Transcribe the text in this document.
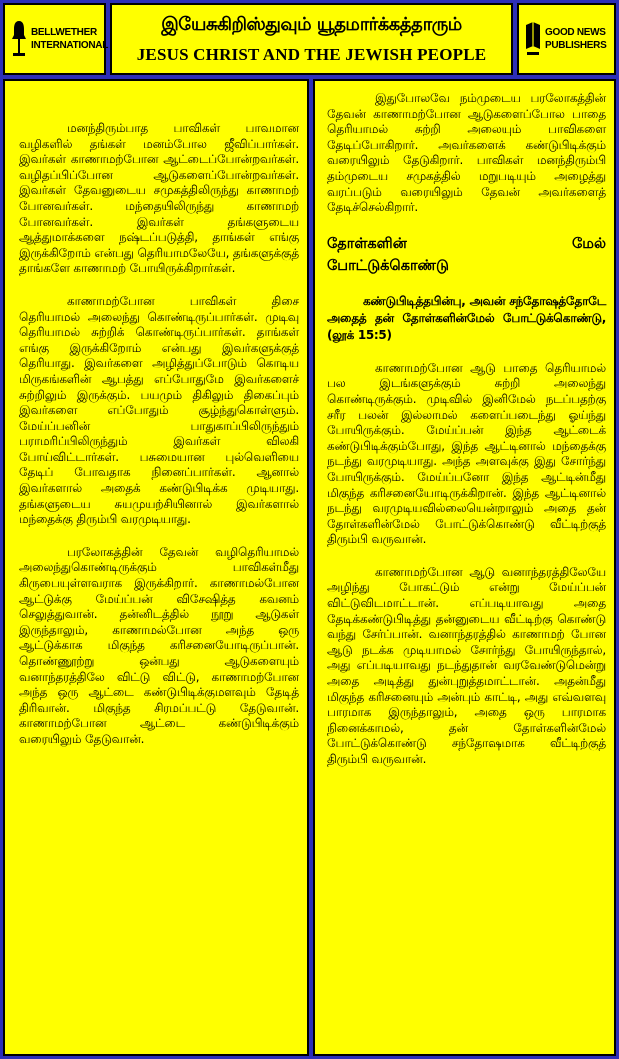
BELLWETHER
INTERNATIONAL
இயேசுகிறிஸ்துவும் யூதமார்க்கத்தாரும்
JESUS CHRIST AND THE JEWISH PEOPLE
GOOD NEWS
PUBLISHERS

மனந்திரும்பாத பாவிகள் பாவமான வழிகளில் தங்கள் மனம்போல ஜீவிப்பார்கள். இவர்கள் காணாமற்போன ஆட்டைப்போன்றவர்கள். வழிதப்பிப்போன ஆடுகளைப்போன்றவர்கள். இவர்கள் தேவனுடைய சமுகத்திலிருந்து காணாமற் போனவர்கள். மந்தையிலிருந்து காணாமற் போனவர்கள். இவர்கள் தங்களுடைய ஆத்துமாக்களை நஷ்டப்படுத்தி, தாங்கள் எங்கு இருக்கிறோம் என்பது தெரியாமலேயே, தங்களுக்குத் தாங்களே காணாமற் போயிருக்கிறார்கள்.

காணாமற்போன பாவிகள் திசை தெரியாமல் அலைந்து கொண்டிருப்பார்கள். முடிவு தெரியாமல் சுற்றிக் கொண்டிருப்பார்கள். தாங்கள் எங்கு இருக்கிறோம் என்பது இவர்களுக்குத் தெரியாது. இவர்களை அழித்துப்போடும் கொடிய மிருகங்களின் ஆபத்து எப்போதுமே இவர்களைச் சுற்றிலும் இருக்கும். பயமும் திகிலும் திகைப்பும் இவர்களை எப்போதும் சூழ்ந்துகொள்ளும். மேய்ப்பனின் பாதுகாப்பிலிருந்தும் பராமரிப்பிலிருந்தும் இவர்கள் விலகி போய்விட்டார்கள். பசுமையான புல்வெளியை தேடிப் போவதாக நினைப்பார்கள். ஆனால் இவர்களால் அதைக் கண்டுபிடிக்க முடியாது. தங்களுடைய சுயமுயற்சியினால் இவர்களால் மந்தைக்கு திரும்பி வரமுடியாது.

பரலோகத்தின் தேவன் வழிதெரியாமல் அலைந்துகொண்டிருக்கும் பாவிகள்மீது கிருபையுள்ளவராக இருக்கிறார். காணாமல்போன ஆட்டுக்கு மேய்ப்பன் விசேஷித்த கவனம் செலுத்துவான். தன்னிடத்தில் நூறு ஆடுகள் இருந்தாலும், காணாமல்போன அந்த ஒரு ஆட்டுக்காக மிகுந்த கரிசனையோடிருப்பான். தொண்ணூற்று ஒன்பது ஆடுகளையும் வனாந்தரத்திலே விட்டு விட்டு, காணாமற்போன அந்த ஒரு ஆட்டை கண்டுபிடிக்குமளவும் தேடித் திரிவான். மிகுந்த சிரமப்பட்டு தேடுவான். காணாமற்போன ஆட்டை கண்டுபிடிக்கும் வரையிலும் தேடுவான்.

இதுபோலவே நம்முடைய பரலோகத்தின் தேவன் காணாமற்போன ஆடுகளைப்போல பாதை தெரியாமல் சுற்றி அலையும் பாவிகளை தேடிப்போகிறார். அவர்களைக் கண்டுபிடிக்கும் வரையிலும் தேடுகிறார். பாவிகள் மனந்திரும்பி தம்முடைய சமுகத்தில் மறுபடியும் அழைத்து வரப்படும் வரையிலும் தேவன் அவர்களைத் தேடிச்செல்கிறார்.

தோள்களின்	மேல்
போட்டுக்கொண்டு

கண்டுபிடித்தபின்பு, அவன் சந்தோஷத்தோடே அதைத் தன் தோள்களின்மேல் போட்டுக்கொண்டு, (லூக் 15:5)

காணாமற்போன ஆடு பாதை தெரியாமல் பல இடங்களுக்கும் சுற்றி அலைந்து கொண்டிருக்கும். முடிவில் இனிமேல் நடப்பதற்கு சரீர பலன் இல்லாமல் களைப்படைந்து ஓய்ந்து போயிருக்கும். மேய்ப்பன் இந்த ஆட்டைக் கண்டுபிடிக்கும்போது, இந்த ஆட்டினால் மந்தைக்கு நடந்து வரமுடியாது. அந்த அளவுக்கு இது சோர்ந்து போயிருக்கும். மேய்ப்பனோ இந்த ஆட்டின்மீது மிகுந்த கரிசனையோடிருக்கிறான். இந்த ஆட்டினால் நடந்து வரமுடியவில்லையென்றாலும் அதை தன் தோள்களின்மேல் போட்டுக்கொண்டு வீட்டிற்குத் திரும்பி வருவான்.

காணாமற்போன ஆடு வனாந்தரத்திலேயே அழிந்து போகட்டும் என்று மேய்ப்பன் விட்டுவிடமாட்டான். எப்படியாவது அதை தேடிக்கண்டுபிடித்து தன்னுடைய வீட்டிற்கு கொண்டு வந்து சேர்ப்பான். வனாந்தரத்தில் காணாமற் போன ஆடு நடக்க முடியாமல் சோர்ந்து போயிருந்தால், அது எப்படியாவது நடந்துதான் வரவேண்டுமென்று அதை அடித்து துன்புறுத்தமாட்டான். அதன்மீது மிகுந்த கரிசனையும் அன்பும் காட்டி, அது எவ்வளவு பாரமாக இருந்தாலும், அதை ஒரு பாரமாக நினைக்காமல், தன் தோள்களின்மேல் போட்டுக்கொண்டு சந்தோஷமாக வீட்டிற்குத் திரும்பி வருவான்.
